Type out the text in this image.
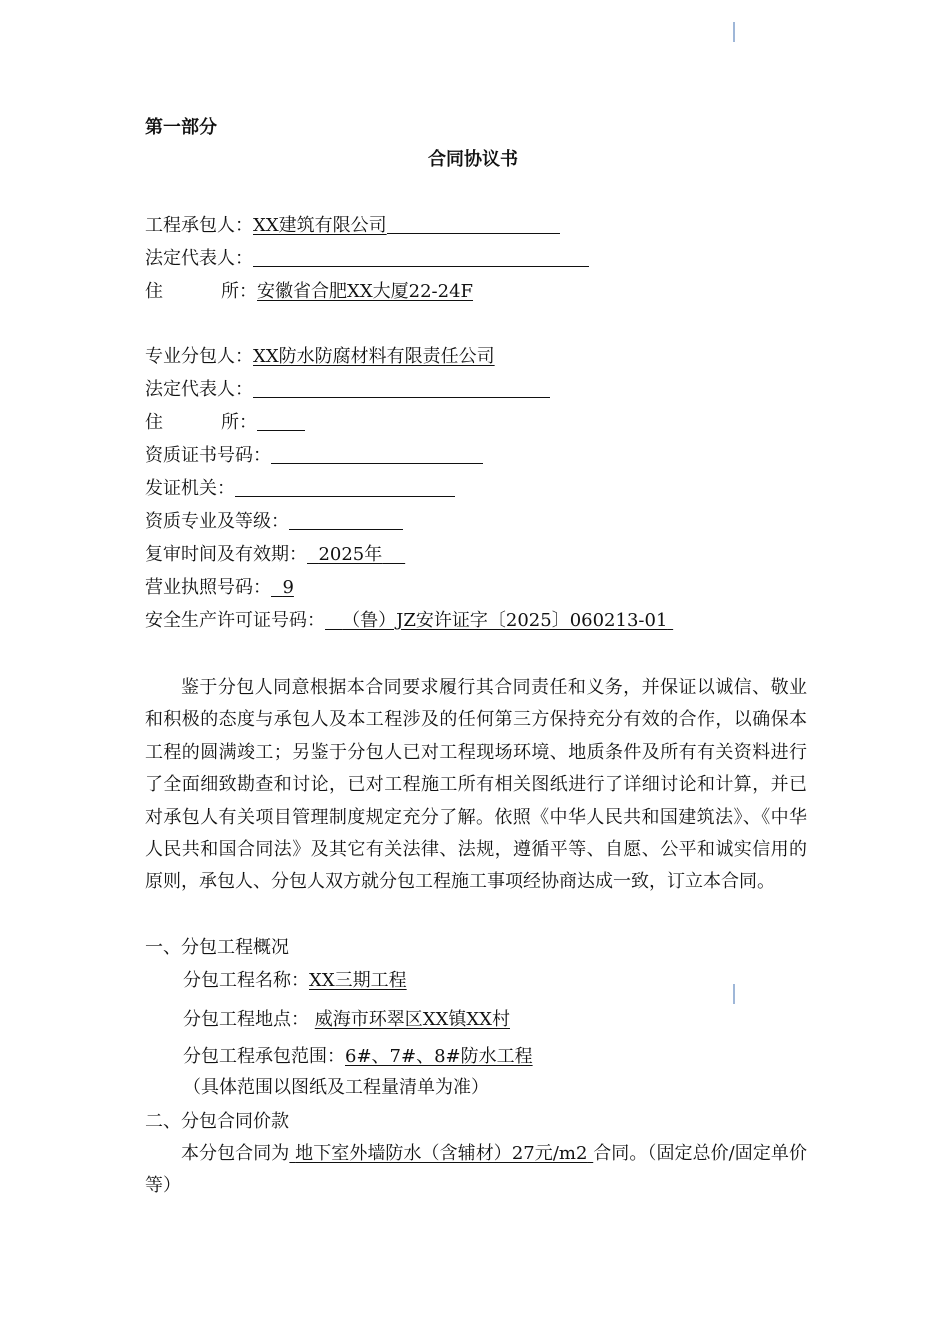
第一部分
合同协议书
工程承包人：XX建筑有限公司
法定代表人：
住	所：安徽省合肥XX大厦22-24F
专业分包人：XX防水防腐材料有限责任公司
法定代表人：
住	所：
资质证书号码：
发证机关：
资质专业及等级：
复审时间及有效期： 2025年
营业执照号码： 9
安全生产许可证号码： （鲁）JZ安许证字〔2025〕060213-01
鉴于分包人同意根据本合同要求履行其合同责任和义务，并保证以诚信、敬业和积极的态度与承包人及本工程涉及的任何第三方保持充分有效的合作，以确保本工程的圆满竣工；另鉴于分包人已对工程现场环境、地质条件及所有有关资料进行了全面细致勘查和讨论，已对工程施工所有相关图纸进行了详细讨论和计算，并已对承包人有关项目管理制度规定充分了解。依照《中华人民共和国建筑法》、《中华人民共和国合同法》及其它有关法律、法规，遵循平等、自愿、公平和诚实信用的原则，承包人、分包人双方就分包工程施工事项经协商达成一致，订立本合同。
一、分包工程概况
分包工程名称：XX三期工程
分包工程地点： 威海市环翠区XX镇XX村
分包工程承包范围：6#、7#、8#防水工程
（具体范围以图纸及工程量清单为准）
二、分包合同价款
本分包合同为 地下室外墙防水（含辅材）27元/m2 合同。（固定总价/固定单价等）
